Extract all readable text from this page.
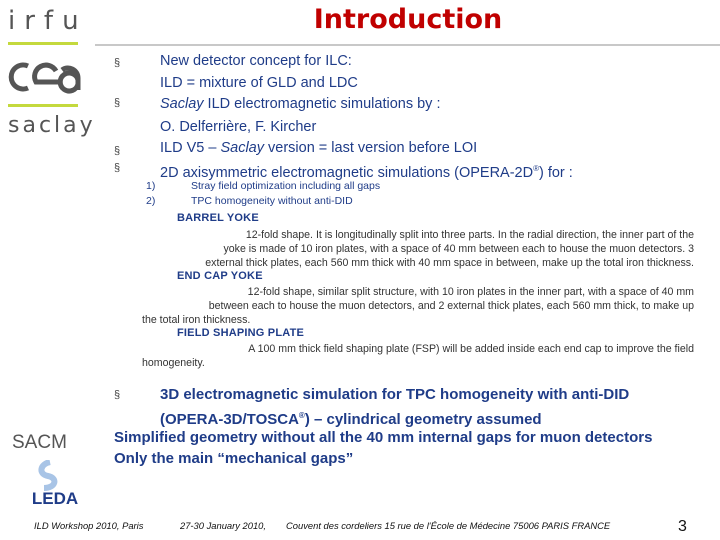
Introduction
irfu
saclay
SACM
LEDA
§
§
§
§
§
New detector concept for ILC:
ILD = mixture of GLD and LDC
Saclay ILD electromagnetic simulations by :
O. Delferrière, F. Kircher
ILD V5 – Saclay version = last version before LOI
2D axisymmetric electromagnetic simulations (OPERA-2D®) for :
1)	Stray field optimization including all gaps
2)	TPC homogeneity without anti-DID
BARREL YOKE
12-fold shape. It is longitudinally split into three parts. In the radial direction, the inner part of the
yoke is made of 10 iron plates, with a space of 40 mm between each to house the muon detectors. 3
external thick plates, each 560 mm thick with 40 mm space in between, make up the total iron thickness.
END CAP YOKE
12-fold shape, similar split structure, with 10 iron plates in the inner part, with a space of 40 mm
between each to house the muon detectors, and 2 external thick plates, each 560 mm thick, to make up
the total iron thickness.
FIELD SHAPING PLATE
A 100 mm thick field shaping plate (FSP) will be added inside each end cap to improve the field
homogeneity.
3D electromagnetic simulation for TPC homogeneity with anti-DID
(OPERA-3D/TOSCA®) – cylindrical geometry assumed
Simplified geometry without all the 40 mm internal gaps for muon detectors
Only the main “mechanical gaps”
ILD Workshop 2010, Paris	27-30 January 2010, Couvent des cordeliers 15 rue de l'École de Médecine 75006 PARIS FRANCE	3
